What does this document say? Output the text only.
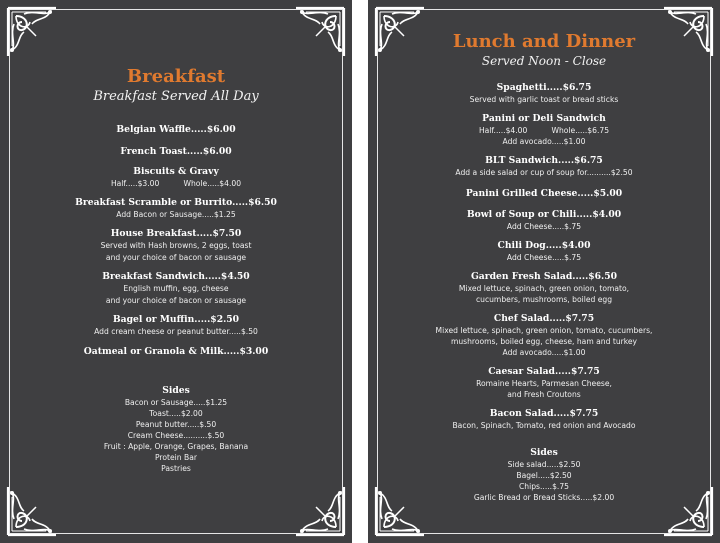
Breakfast

Breakfast Served All Day

Belgian Waffle.....$6.00

French Toast.....$6.00

Biscuits & Gravy

Half.....$3.00          Whole.....$4.00

Breakfast Scramble or Burrito.....$6.50

Add Bacon or Sausage.....$1.25

House Breakfast.....$7.50

Served with Hash browns, 2 eggs, toast

and your choice of bacon or sausage

Breakfast Sandwich.....$4.50

English muffin, egg, cheese

and your choice of bacon or sausage

Bagel or Muffin.....$2.50

Add cream cheese or peanut butter.....$.50

Oatmeal or Granola & Milk.....$3.00

Sides

Bacon or Sausage.....$1.25

Toast.....$2.00

Peanut butter.....$.50

Cream Cheese..........$.50

Fruit : Apple, Orange, Grapes, Banana

Protein Bar

Pastries

Lunch and Dinner

Served Noon - Close

Spaghetti.....$6.75

Served with garlic toast or bread sticks

Panini or Deli Sandwich

Half.....$4.00          Whole.....$6.75

Add avocado.....$1.00

BLT Sandwich.....$6.75

Add a side salad or cup of soup for..........$2.50

Panini Grilled Cheese.....$5.00

Bowl of Soup or Chili.....$4.00

Add Cheese.....$.75

Chili Dog.....$4.00

Add Cheese.....$.75

Garden Fresh Salad.....$6.50

Mixed lettuce, spinach, green onion, tomato,

cucumbers, mushrooms, boiled egg

Chef Salad.....$7.75

Mixed lettuce, spinach, green onion, tomato, cucumbers,

mushrooms, boiled egg, cheese, ham and turkey

Add avocado.....$1.00

Caesar Salad.....$7.75

Romaine Hearts, Parmesan Cheese,

and Fresh Croutons

Bacon Salad.....$7.75

Bacon, Spinach, Tomato, red onion and Avocado

Sides

Side salad.....$2.50

Bagel.....$2.50

Chips.....$.75

Garlic Bread or Bread Sticks.....$2.00
